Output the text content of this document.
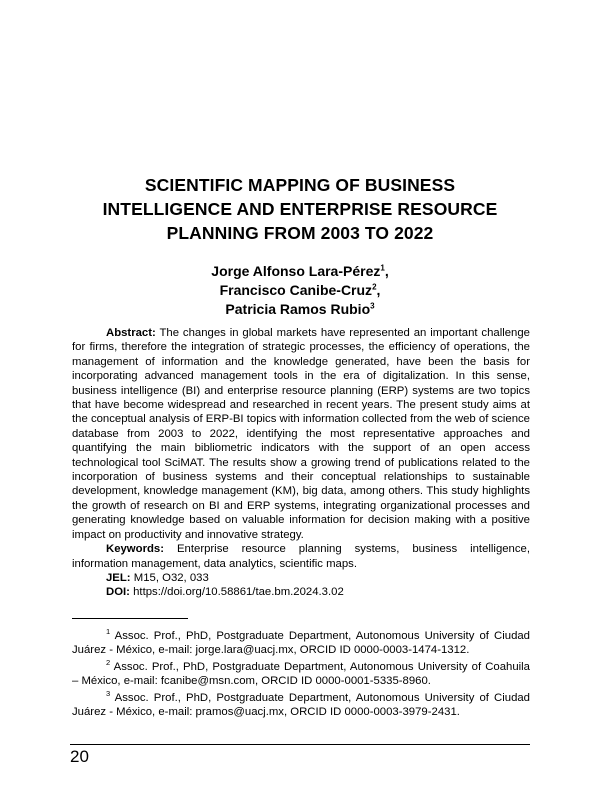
SCIENTIFIC MAPPING OF BUSINESS
INTELLIGENCE AND ENTERPRISE RESOURCE
PLANNING FROM 2003 TO 2022
Jorge Alfonso Lara-Pérez$^1$,
Francisco Canibe-Cruz$^2$,
Patricia Ramos Rubio$^3$

Abstract: The changes in global markets have represented an important challenge for firms, therefore the integration of strategic processes, the efficiency of operations, the management of information and the knowledge generated, have been the basis for incorporating advanced management tools in the era of digitalization. In this sense, business intelligence (BI) and enterprise resource planning (ERP) systems are two topics that have become widespread and researched in recent years. The present study aims at the conceptual analysis of ERP-BI topics with information collected from the web of science database from 2003 to 2022, identifying the most representative approaches and quantifying the main bibliometric indicators with the support of an open access technological tool SciMAT. The results show a growing trend of publications related to the incorporation of business systems and their conceptual relationships to sustainable development, knowledge management (KM), big data, among others. This study highlights the growth of research on BI and ERP systems, integrating organizational processes and generating knowledge based on valuable information for decision making with a positive impact on productivity and innovative strategy.

Keywords: Enterprise resource planning systems, business intelligence, information management, data analytics, scientific maps.

JEL: M15, O32, 033

DOI: https://doi.org/10.58861/tae.bm.2024.3.02

$^1$ Assoc. Prof., PhD, Postgraduate Department, Autonomous University of Ciudad Juárez - México, e-mail: jorge.lara@uacj.mx, ORCID ID 0000-0003-1474-1312.

$^2$ Assoc. Prof., PhD, Postgraduate Department, Autonomous University of Coahuila – México, e-mail: fcanibe@msn.com, ORCID ID 0000-0001-5335-8960.

$^3$ Assoc. Prof., PhD, Postgraduate Department, Autonomous University of Ciudad Juárez - México, e-mail: pramos@uacj.mx, ORCID ID 0000-0003-3979-2431.

20
